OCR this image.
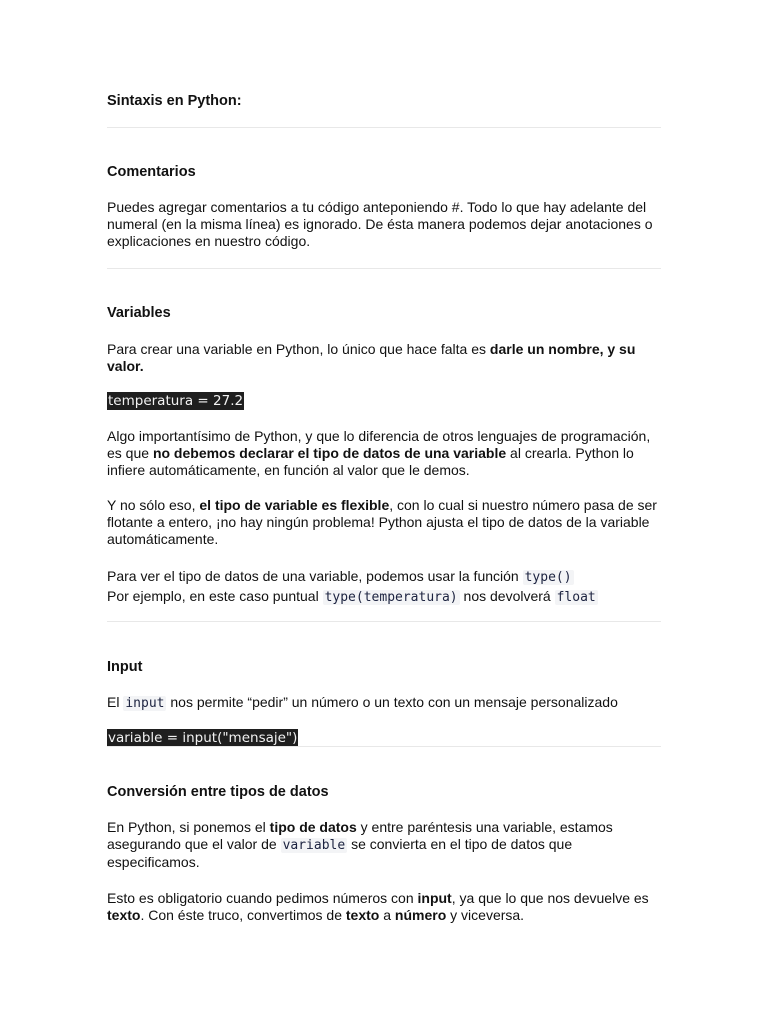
Sintaxis en Python:
Comentarios

Puedes agregar comentarios a tu código anteponiendo #. Todo lo que hay adelante del numeral (en la misma línea) es ignorado. De ésta manera podemos dejar anotaciones o explicaciones en nuestro código.

Variables

Para crear una variable en Python, lo único que hace falta es darle un nombre, y su valor.

temperatura = 27.2

Algo importantísimo de Python, y que lo diferencia de otros lenguajes de programación, es que no debemos declarar el tipo de datos de una variable al crearla. Python lo infiere automáticamente, en función al valor que le demos.

Y no sólo eso, el tipo de variable es flexible, con lo cual si nuestro número pasa de ser flotante a entero, ¡no hay ningún problema! Python ajusta el tipo de datos de la variable automáticamente.

Para ver el tipo de datos de una variable, podemos usar la función type()
Por ejemplo, en este caso puntual type(temperatura) nos devolverá float

Input

El input nos permite “pedir” un número o un texto con un mensaje personalizado

variable = input("mensaje")
Conversión entre tipos de datos

En Python, si ponemos el tipo de datos y entre paréntesis una variable, estamos asegurando que el valor de variable se convierta en el tipo de datos que especificamos.

Esto es obligatorio cuando pedimos números con input, ya que lo que nos devuelve es texto. Con éste truco, convertimos de texto a número y viceversa.
